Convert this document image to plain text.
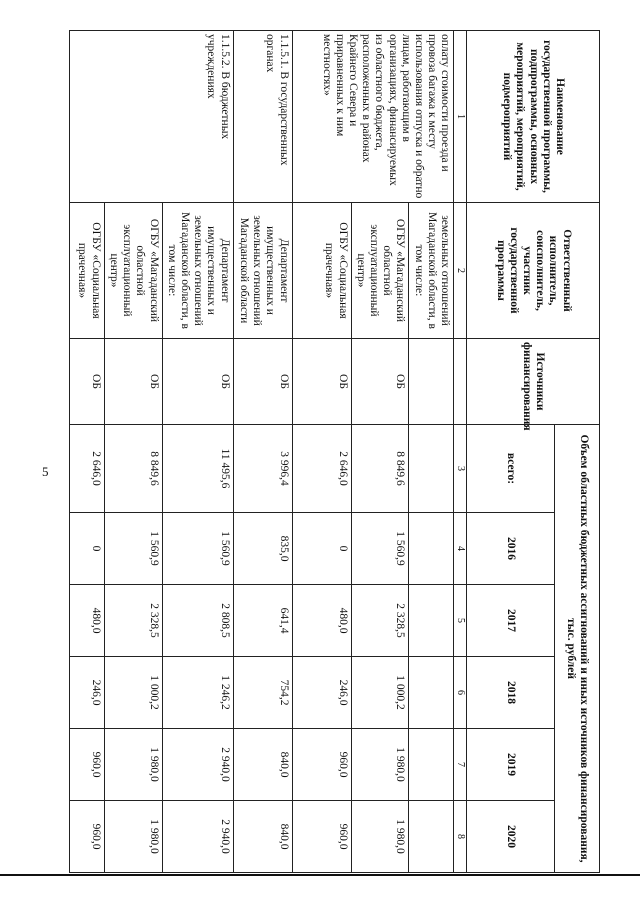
5
Наименование государственной программы, подпрограммы, основных мероприятий, мероприятий, подмероприятий	Ответственный исполнитель, соисполнитель, участник государственной программы	Источники финансирования	Объем областных бюджетных ассигнований и иных источников финансирования, тыс. рублей					
			всего:	2016	2017	2018	2019	2020
1	2		3	4	5	6	7	8
оплату стоимости проезда и провоза багажа к месту использования отпуска и обратно лицам, работающим в организациях, финансируемых из областного бюджета, расположенных в районах Крайнего Севера и приравненных к ним местностях»	земельных отношений Магаданской области, в том числе:							
	ОГБУ «Магаданский областной эксплуатационный центр»	ОБ	8 849,6	1 560,9	2 328,5	1 000,2	1 980,0	1 980,0
	ОГБУ «Социальная прачечная»	ОБ	2 646,0	0	480,0	246,0	960,0	960,0
1.1.5.1. В государственных органах	Департамент имущественных и земельных отношений Магаданской области	ОБ	3 996,4	835,0	641,4	754,2	840,0	840,0
1.1.5.2. В бюджетных учреждениях	Департамент имущественных и земельных отношений Магаданской области, в том числе:	ОБ	11 495,6	1 560,9	2 808,5	1 246,2	2 940,0	2 940,0
	ОГБУ «Магаданский областной эксплуатационный центр»	ОБ	8 849,6	1 560,9	2 328,5	1 000,2	1 980,0	1 980,0
	ОГБУ «Социальная прачечная»	ОБ	2 646,0	0	480,0	246,0	960,0	960,0
